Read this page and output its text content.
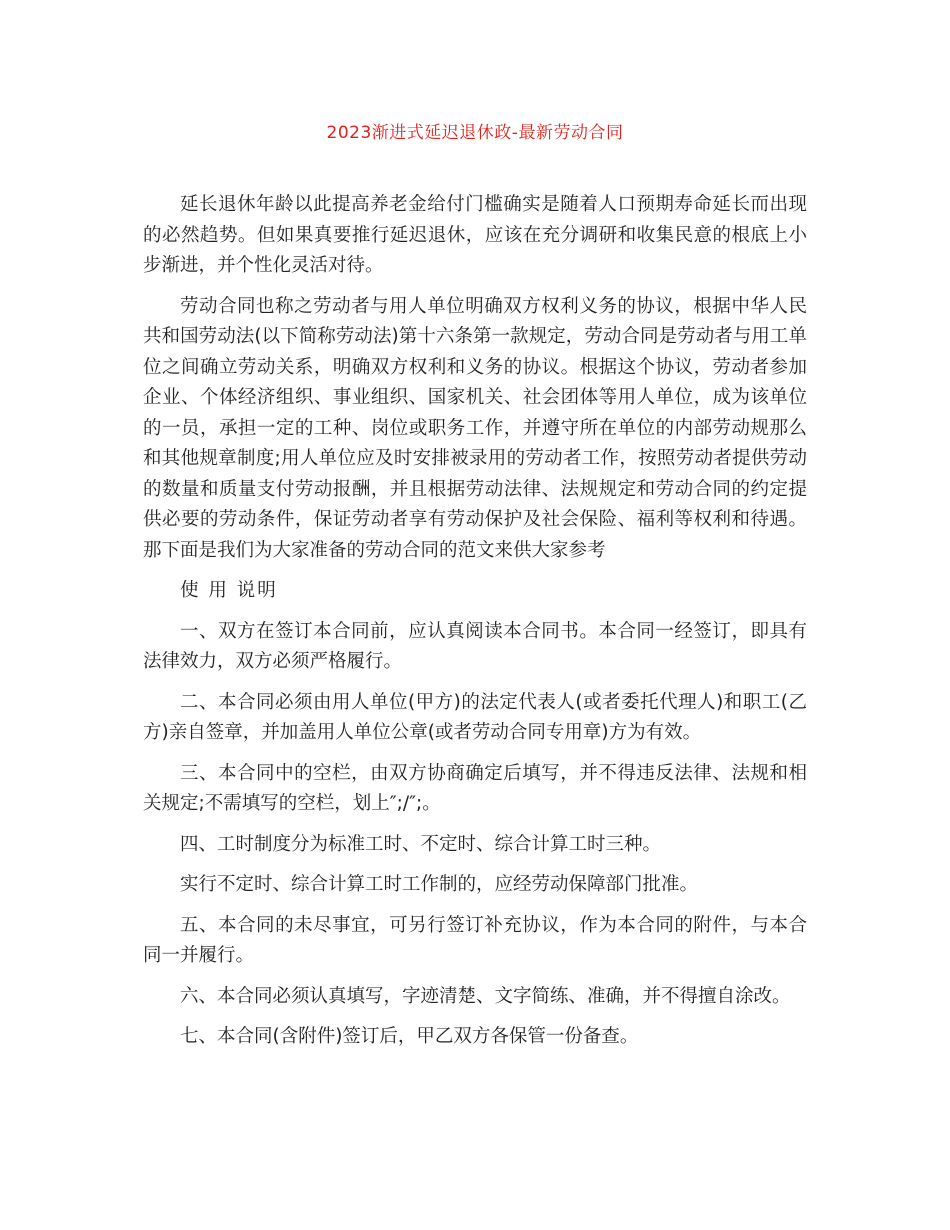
2023渐进式延迟退休政-最新劳动合同

延长退休年龄以此提高养老金给付门槛确实是随着人口预期寿命延长而出现的必然趋势。但如果真要推行延迟退休，应该在充分调研和收集民意的根底上小步渐进，并个性化灵活对待。

劳动合同也称之劳动者与用人单位明确双方权利义务的协议，根据中华人民共和国劳动法(以下简称劳动法)第十六条第一款规定，劳动合同是劳动者与用工单位之间确立劳动关系，明确双方权利和义务的协议。根据这个协议，劳动者参加企业、个体经济组织、事业组织、国家机关、社会团体等用人单位，成为该单位的一员，承担一定的工种、岗位或职务工作，并遵守所在单位的内部劳动规那么和其他规章制度;用人单位应及时安排被录用的劳动者工作，按照劳动者提供劳动的数量和质量支付劳动报酬，并且根据劳动法律、法规规定和劳动合同的约定提供必要的劳动条件，保证劳动者享有劳动保护及社会保险、福利等权利和待遇。那下面是我们为大家准备的劳动合同的范文来供大家参考

使 用 说明

一、双方在签订本合同前，应认真阅读本合同书。本合同一经签订，即具有法律效力，双方必须严格履行。

二、本合同必须由用人单位(甲方)的法定代表人(或者委托代理人)和职工(乙方)亲自签章，并加盖用人单位公章(或者劳动合同专用章)方为有效。

三、本合同中的空栏，由双方协商确定后填写，并不得违反法律、法规和相关规定;不需填写的空栏，划上″;/″;。

四、工时制度分为标准工时、不定时、综合计算工时三种。

实行不定时、综合计算工时工作制的，应经劳动保障部门批准。

五、本合同的未尽事宜，可另行签订补充协议，作为本合同的附件，与本合同一并履行。

六、本合同必须认真填写，字迹清楚、文字简练、准确，并不得擅自涂改。

七、本合同(含附件)签订后，甲乙双方各保管一份备查。
